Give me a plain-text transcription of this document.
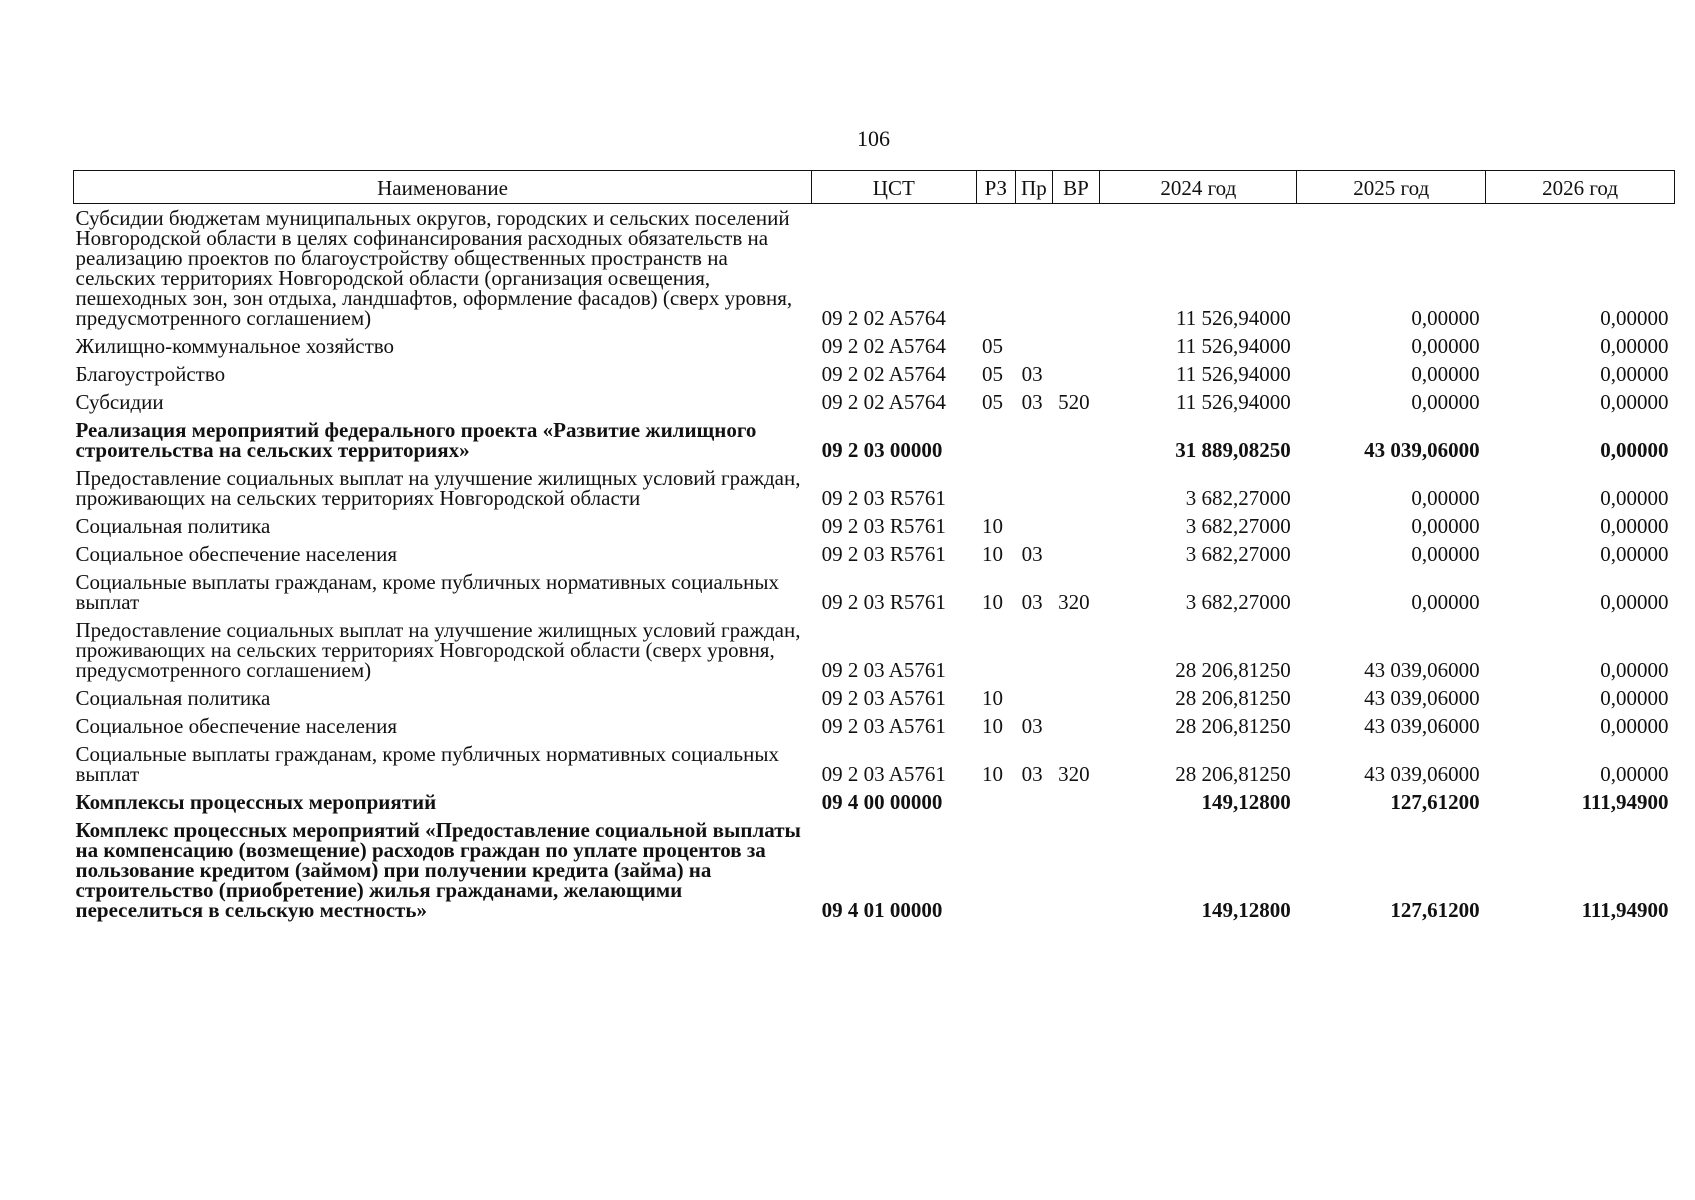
106
Наименование	ЦСТ	РЗ	Пр	ВР	2024 год	2025 год	2026 год
Субсидии бюджетам муниципальных округов, городских и сельских поселений Новгородской области в целях софинансирования расходных обязательств на реализацию проектов по благоустройству общественных пространств на сельских территориях Новгородской области (организация освещения, пешеходных зон, зон отдыха, ландшафтов, оформление фасадов) (сверх уровня, предусмотренного соглашением)	09 2 02 A5764				11 526,94000	0,00000	0,00000
Жилищно-коммунальное хозяйство	09 2 02 A5764	05			11 526,94000	0,00000	0,00000
Благоустройство	09 2 02 A5764	05	03		11 526,94000	0,00000	0,00000
Субсидии	09 2 02 A5764	05	03	520	11 526,94000	0,00000	0,00000
Реализация мероприятий федерального проекта «Развитие жилищного строительства на сельских территориях»	09 2 03 00000				31 889,08250	43 039,06000	0,00000
Предоставление социальных выплат на улучшение жилищных условий граждан, проживающих на сельских территориях Новгородской области	09 2 03 R5761				3 682,27000	0,00000	0,00000
Социальная политика	09 2 03 R5761	10			3 682,27000	0,00000	0,00000
Социальное обеспечение населения	09 2 03 R5761	10	03		3 682,27000	0,00000	0,00000
Социальные выплаты гражданам, кроме публичных нормативных социальных выплат	09 2 03 R5761	10	03	320	3 682,27000	0,00000	0,00000
Предоставление социальных выплат на улучшение жилищных условий граждан, проживающих на сельских территориях Новгородской области (сверх уровня, предусмотренного соглашением)	09 2 03 A5761				28 206,81250	43 039,06000	0,00000
Социальная политика	09 2 03 A5761	10			28 206,81250	43 039,06000	0,00000
Социальное обеспечение населения	09 2 03 A5761	10	03		28 206,81250	43 039,06000	0,00000
Социальные выплаты гражданам, кроме публичных нормативных социальных выплат	09 2 03 A5761	10	03	320	28 206,81250	43 039,06000	0,00000
Комплексы процессных мероприятий	09 4 00 00000				149,12800	127,61200	111,94900
Комплекс процессных мероприятий «Предоставление социальной выплаты на компенсацию (возмещение) расходов граждан по уплате процентов за пользование кредитом (займом) при получении кредита (займа) на строительство (приобретение) жилья гражданами, желающими переселиться в сельскую местность»	09 4 01 00000				149,12800	127,61200	111,94900
